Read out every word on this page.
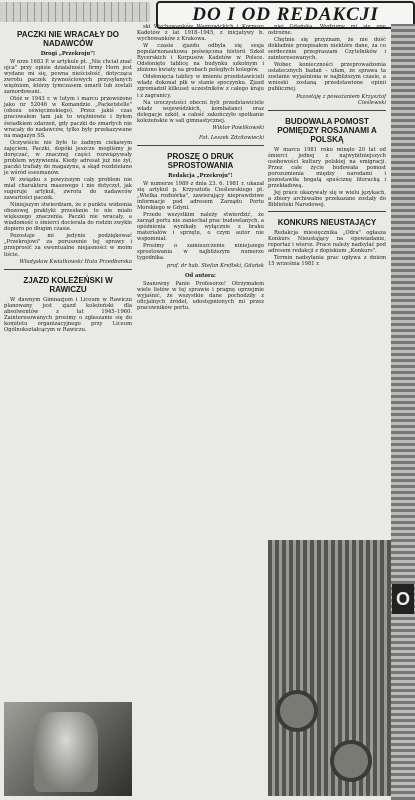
DO I OD REDAKCJI
PACZKI NIE WRACAŁY DO NADAWCÓW
Drogi „Przekroju"!

W nrze 1683 P. w artykule pt. „Nie chciał znać ojca" przy opisie działalności firmy Horn jest wydane mi się, pewna nieścisłość, dotycząca zwrotu paczek żywnościowych przysyłanych więźniom, którzy tymczasem umarli lub zostali zamordowani.

Otóż w 1943 r. w lutym i marcu przewożono jako nr 52046 w Komandzie „Packetstelle" (obozu oświęcimskiego). Przez jakiś czas pracowałem tam jak to więźniowie i byłem świadkiem zdarzeń, gdy paczki do zmarłych nie wracały do nadawców, tylko były przekazywane na magazyn SS.

Oczywiście nie było to żadnym ciekawym zajęciem. Paczki, dopóki jeszcze mogliśmy je doręczać, w znacznej części rozwiązywały problem wyżywienia. Kiedy adresat już nie żył, paczki trafiały do magazynu, a skąd rozdzielano je wśród esesmanów.

W związku z powyższym cały problem nie miał charakteru masowego i nie dotyczył, jak sugeruje artykuł, zwrotu do nadawców zawartości paczek.

Niniejszym stwierdzam, że z punktu widzenia obozowej praktyki przesłanie to nie miało większego znaczenia. Paczki nie wracały, a wiadomość o śmierci docierała do rodzin zwykle dopiero po długim czasie.

Pozostaje mi jedynie podziękować „Przekrojowi" za poruszenie tej sprawy i przeprosić za ewentualne niejasności w moim liście.

Władysław Kwiatkowski Huta Przedborska
ZJAZD KOLEŻEŃSKI W RAWICZU

W dawnym Gimnazjum i Liceum w Rawiczu planowany jest zjazd koleżeński dla absolwentów z lat 1945–1960. Zainteresowanych prosimy o zgłaszanie się do komitetu organizacyjnego przy Liceum Ogólnokształcącym w Rawiczu.

ski Wychowanków Wagrowickich i Korpusu Kadetów z lat 1918–1945, z inicjatywy b. wychowanków z Krakowa.

W czasie zjazdu odbyła się sesja popularnonaukowa poświęcona historii Szkół Rycerskich i Korpusów Kadetów w Polsce. Odsłonięto tablicę na budynku szkolnym i złożono kwiaty na grobach poległych kolegów.

Odsłonięcia tablicy w imieniu przedstawicieli władz dokonał płk w stanie spoczynku. Zjazd zgromadził kilkuset uczestników z całego kraju i z zagranicy.

Na uroczystości obecni byli przedstawiciele władz wojewódzkich, kombatanci oraz delegacje szkół, a całość zakończyło spotkanie koleżeńskie w sali gimnastycznej.

Wiktor Pawlikowski
Fot. Leszek Zdzitowiecki
PROSZĘ O DRUK SPROSTOWANIA
Redakcja „Przekroju"!

W numerze 1989 z dnia 23. 6. 1981 r. ukazał się artykuł p. Krzysztofa Cieślewskiego pt. „Wielka rozbiórka", zawierający nieprawdziwe informacje pod adresem Zarządu Portu Morskiego w Gdyni.

Przede wszystkim należy stwierdzić, że zarząd portu nie zaniechał prac budowlanych, a opóźnienia wynikały wyłącznie z braku materiałów i sprzętu, o czym autor nie wspomniał.

Prosimy o zamieszczenie niniejszego sprostowania w najbliższym numerze tygodnika.

prof. dr hab. Stefan Kreftski, Gdańsk
Od autora:

Szanowny Panie Profesorze! Otrzymałem wiele listów w tej sprawie i pragnę uprzejmie wyjaśnić, że wszystkie dane pochodziły z oficjalnych źródeł, udostępnionych mi przez pracowników portu.

niej Gdańska. Wydrumy mi się one ostrożne.

Chętnie się przyznam, że nie dość dokładnie przepisałem niektóre dane, za co serdecznie przepraszam Czytelników i zainteresowanych.

Wobec konieczności przeprowadzenia ostatecznych badań – ufam, że sprawa ta zostanie wyjaśniona w najbliższym czasie, a wnioski zostaną przedstawione opinii publicznej.

Pozostaję z poważaniem Krzysztof Cieślewski
BUDOWALA POMOST POMIĘDZY ROSJANAMI A POLSKĄ

W marcu 1981 roku minęło 20 lat od śmierci jednej z najwybitniejszych osobowości kultury polskiej na emigracji. Przez całe życie budowała pomost porozumienia między narodami i pozostawiła bogatą spuściznę literacką i przekładową.

Jej prace ukazywały się w wielu językach, a zbiory archiwalne przekazane zostały do Biblioteki Narodowej.

KONKURS NIEUSTAJĄCY

Redakcja miesięcznika „Odra" ogłasza Konkurs Nieustający na opowiadanie, reportaż i wiersz. Prace należy nadsyłać pod adresem redakcji z dopiskiem „Konkurs".

Termin nadsyłania prac upływa z dniem 15 września 1981 r.

O
